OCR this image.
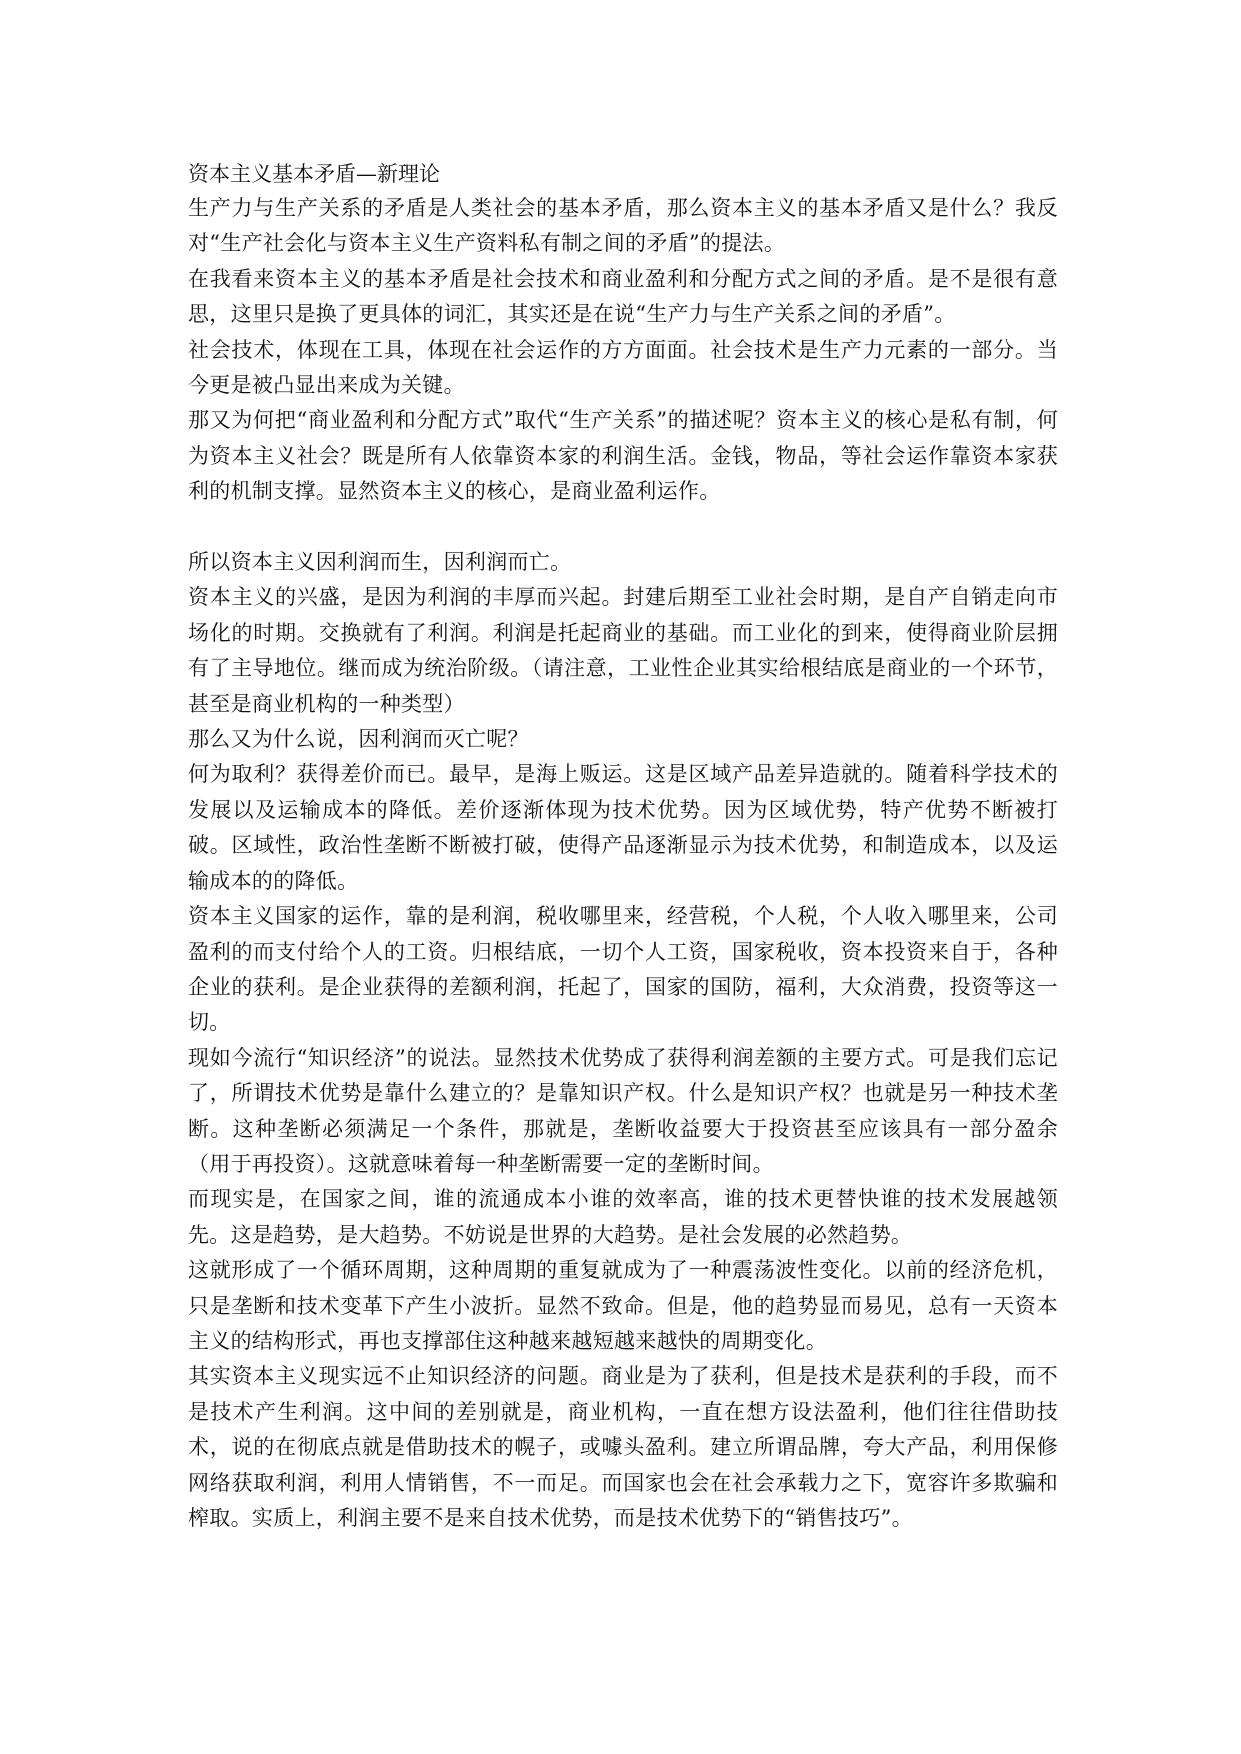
资本主义基本矛盾—新理论

生产力与生产关系的矛盾是人类社会的基本矛盾，那么资本主义的基本矛盾又是什么？我反对“生产社会化与资本主义生产资料私有制之间的矛盾”的提法。

在我看来资本主义的基本矛盾是社会技术和商业盈利和分配方式之间的矛盾。是不是很有意思，这里只是换了更具体的词汇，其实还是在说“生产力与生产关系之间的矛盾”。

社会技术，体现在工具，体现在社会运作的方方面面。社会技术是生产力元素的一部分。当今更是被凸显出来成为关键。

那又为何把“商业盈利和分配方式”取代“生产关系”的描述呢？资本主义的核心是私有制，何为资本主义社会？既是所有人依靠资本家的利润生活。金钱，物品，等社会运作靠资本家获利的机制支撑。显然资本主义的核心，是商业盈利运作。

所以资本主义因利润而生，因利润而亡。

资本主义的兴盛，是因为利润的丰厚而兴起。封建后期至工业社会时期，是自产自销走向市场化的时期。交换就有了利润。利润是托起商业的基础。而工业化的到来，使得商业阶层拥有了主导地位。继而成为统治阶级。（请注意，工业性企业其实给根结底是商业的一个环节，甚至是商业机构的一种类型）

那么又为什么说，因利润而灭亡呢？

何为取利？获得差价而已。最早，是海上贩运。这是区域产品差异造就的。随着科学技术的发展以及运输成本的降低。差价逐渐体现为技术优势。因为区域优势，特产优势不断被打破。区域性，政治性垄断不断被打破，使得产品逐渐显示为技术优势，和制造成本，以及运输成本的的降低。

资本主义国家的运作，靠的是利润，税收哪里来，经营税，个人税，个人收入哪里来，公司盈利的而支付给个人的工资。归根结底，一切个人工资，国家税收，资本投资来自于，各种企业的获利。是企业获得的差额利润，托起了，国家的国防，福利，大众消费，投资等这一切。

现如今流行“知识经济”的说法。显然技术优势成了获得利润差额的主要方式。可是我们忘记了，所谓技术优势是靠什么建立的？是靠知识产权。什么是知识产权？也就是另一种技术垄断。这种垄断必须满足一个条件，那就是，垄断收益要大于投资甚至应该具有一部分盈余（用于再投资）。这就意味着每一种垄断需要一定的垄断时间。

而现实是，在国家之间，谁的流通成本小谁的效率高，谁的技术更替快谁的技术发展越领先。这是趋势，是大趋势。不妨说是世界的大趋势。是社会发展的必然趋势。

这就形成了一个循环周期，这种周期的重复就成为了一种震荡波性变化。以前的经济危机，只是垄断和技术变革下产生小波折。显然不致命。但是，他的趋势显而易见，总有一天资本主义的结构形式，再也支撑部住这种越来越短越来越快的周期变化。

其实资本主义现实远不止知识经济的问题。商业是为了获利，但是技术是获利的手段，而不是技术产生利润。这中间的差别就是，商业机构，一直在想方设法盈利，他们往往借助技术，说的在彻底点就是借助技术的幌子，或噱头盈利。建立所谓品牌，夸大产品，利用保修网络获取利润，利用人情销售，不一而足。而国家也会在社会承载力之下，宽容许多欺骗和榨取。实质上，利润主要不是来自技术优势，而是技术优势下的“销售技巧”。
